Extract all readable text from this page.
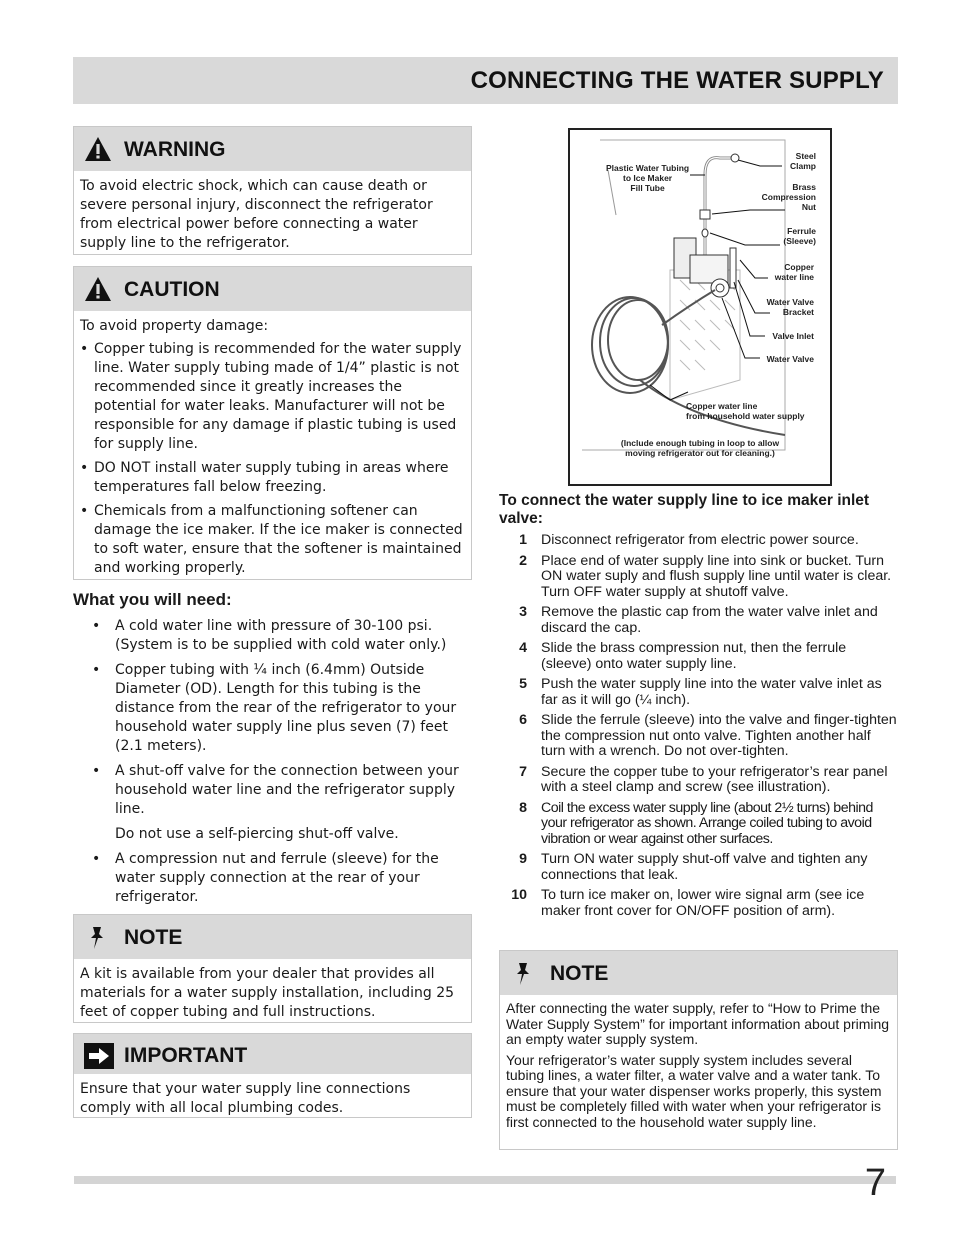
CONNECTING THE WATER SUPPLY
WARNING
To avoid electric shock, which can cause death or severe personal injury, disconnect the refrigerator from electrical power before connecting a water supply line to the refrigerator.
CAUTION
To avoid property damage:
• Copper tubing is recommended for the water supply line. Water supply tubing made of 1/4” plastic is not recommended since it greatly increases the potential for water leaks. Manufacturer will not be responsible for any damage if plastic tubing is used for supply line.
• DO NOT install water supply tubing in areas where temperatures fall below freezing.
• Chemicals from a malfunctioning softener can damage the ice maker. If the ice maker is connected to soft water, ensure that the softener is maintained and working properly.
What you will need:
• A cold water line with pressure of 30-100 psi. (System is to be supplied with cold water only.)
• Copper tubing with ¼ inch (6.4mm) Outside Diameter (OD). Length for this tubing is the distance from the rear of the refrigerator to your household water supply line plus seven (7) feet (2.1 meters).
• A shut-off valve for the connection between your household water line and the refrigerator supply line.
Do not use a self-piercing shut-off valve.
• A compression nut and ferrule (sleeve) for the water supply connection at the rear of your refrigerator.
NOTE
A kit is available from your dealer that provides all materials for a water supply installation, including 25 feet of copper tubing and full instructions.
IMPORTANT
Ensure that your water supply line connections comply with all local plumbing codes.
Plastic Water Tubing
to Ice Maker
Fill Tube
Steel
Clamp
Brass
Compression
Nut
Ferrule
(Sleeve)
Copper
water line
Water Valve
Bracket
Valve Inlet
Water Valve
Copper water line
from household water supply
(Include enough tubing in loop to allow
moving refrigerator out for cleaning.)
To connect the water supply line to ice maker inlet valve:
1 Disconnect refrigerator from electric power source.
2 Place end of water supply line into sink or bucket. Turn ON water suply and flush supply line until water is clear. Turn OFF water supply at shutoff valve.
3 Remove the plastic cap from the water valve inlet and discard the cap.
4 Slide the brass compression nut, then the ferrule (sleeve) onto water supply line.
5 Push the water supply line into the water valve inlet as far as it will go (¼ inch).
6 Slide the ferrule (sleeve) into the valve and finger-tighten the compression nut onto valve. Tighten another half turn with a wrench. Do not over-tighten.
7 Secure the copper tube to your refrigerator’s rear panel with a steel clamp and screw (see illustration).
8 Coil the excess water supply line (about 2½ turns) behind your refrigerator as shown. Arrange coiled tubing to avoid vibration or wear against other surfaces.
9 Turn ON water supply shut-off valve and tighten any connections that leak.
10 To turn ice maker on, lower wire signal arm (see ice maker front cover for ON/OFF position of arm).
NOTE
After connecting the water supply, refer to “How to Prime the Water Supply System” for important information about priming an empty water supply system.
Your refrigerator’s water supply system includes several tubing lines, a water filter, a water valve and a water tank. To ensure that your water dispenser works properly, this system must be completely filled with water when your refrigerator is first connected to the household water supply line.
7
